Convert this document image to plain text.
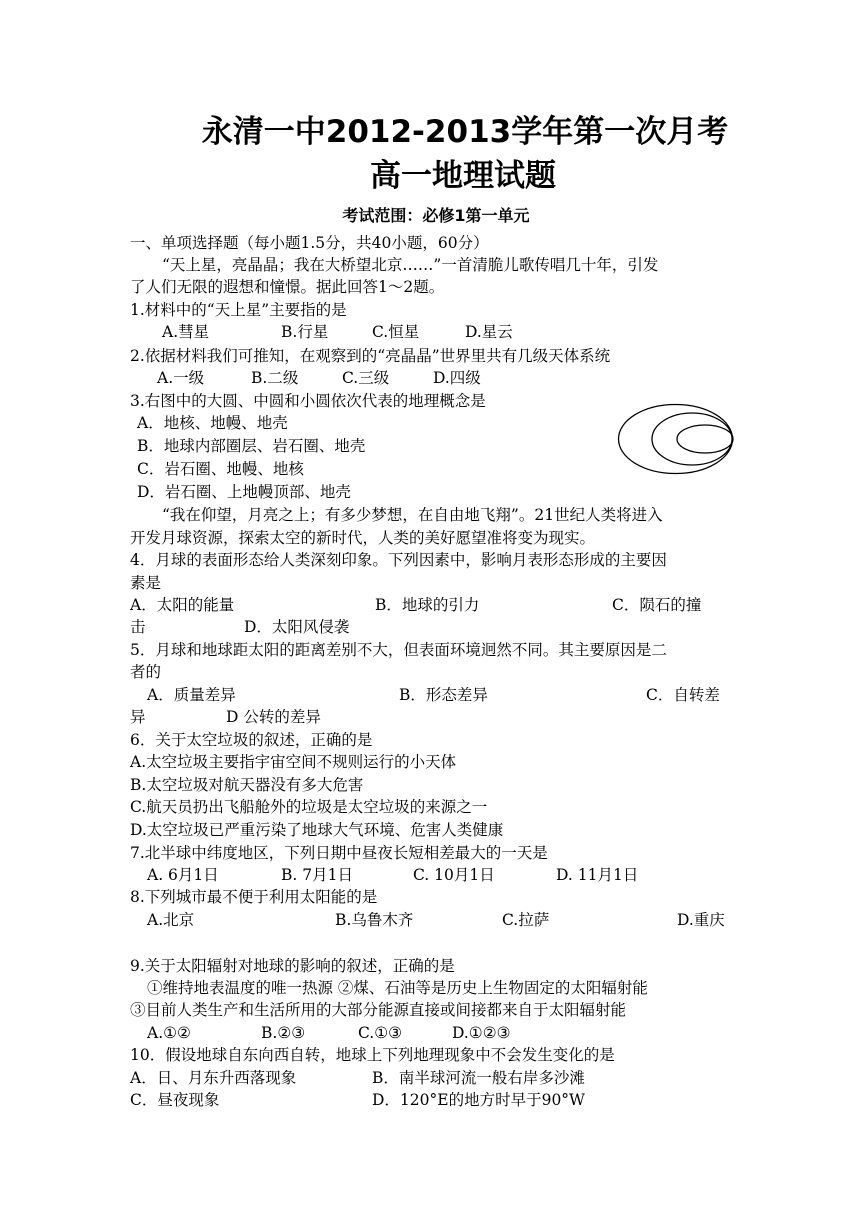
永清一中2012-2013学年第一次月考
高一地理试题
考试范围：必修1第一单元
一、单项选择题（每小题1.5分，共40小题，60分）
“天上星，亮晶晶；我在大桥望北京……”一首清脆儿歌传唱几十年，引发
了人们无限的遐想和憧憬。据此回答1～2题。
1.材料中的“天上星”主要指的是
A.彗星	B.行星	C.恒星	D.星云
2.依据材料我们可推知，在观察到的“亮晶晶”世界里共有几级天体系统
A.一级	B.二级	C.三级	D.四级
3.右图中的大圆、中圆和小圆依次代表的地理概念是
A．地核、地幔、地壳
B．地球内部圈层、岩石圈、地壳
C．岩石圈、地幔、地核
D．岩石圈、上地幔顶部、地壳
“我在仰望，月亮之上；有多少梦想，在自由地飞翔”。21世纪人类将进入
开发月球资源，探索太空的新时代，人类的美好愿望准将变为现实。
4．月球的表面形态给人类深刻印象。下列因素中，影响月表形态形成的主要因
素是
A．太阳的能量	B．地球的引力	C．陨石的撞
击	D．太阳风侵袭
5．月球和地球距太阳的距离差别不大，但表面环境迥然不同。其主要原因是二
者的
A．质量差异	B．形态差异	C．自转差
异	D 公转的差异
6．关于太空垃圾的叙述，正确的是
A.太空垃圾主要指宇宙空间不规则运行的小天体
B.太空垃圾对航天器没有多大危害
C.航天员扔出飞船舱外的垃圾是太空垃圾的来源之一
D.太空垃圾已严重污染了地球大气环境、危害人类健康
7.北半球中纬度地区，下列日期中昼夜长短相差最大的一天是
A. 6月1日	B. 7月1日	C. 10月1日	D. 11月1日
8.下列城市最不便于利用太阳能的是
A.北京	B.乌鲁木齐	C.拉萨	D.重庆
9.关于太阳辐射对地球的影响的叙述，正确的是
①维持地表温度的唯一热源 ②煤、石油等是历史上生物固定的太阳辐射能
③目前人类生产和生活所用的大部分能源直接或间接都来自于太阳辐射能
A.①②	B.②③	C.①③	D.①②③
10．假设地球自东向西自转，地球上下列地理现象中不会发生变化的是
A．日、月东升西落现象	B．南半球河流一般右岸多沙滩
C．昼夜现象	D．120°E的地方时早于90°W
